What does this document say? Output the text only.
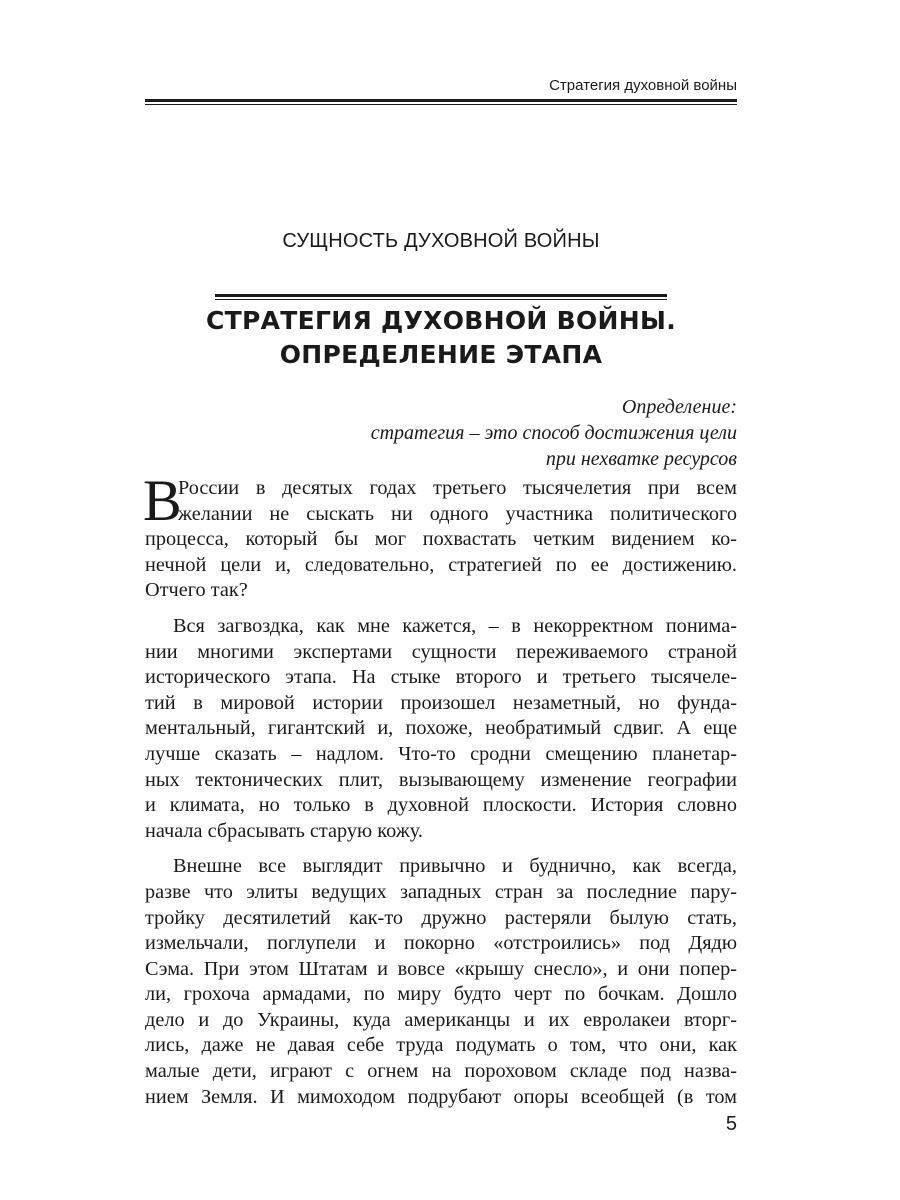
Стратегия духовной войны
СУЩНОСТЬ ДУХОВНОЙ ВОЙНЫ
СТРАТЕГИЯ ДУХОВНОЙ ВОЙНЫ.
ОПРЕДЕЛЕНИЕ ЭТАПА
Определение:
стратегия – это способ достижения цели
при нехватке ресурсов
В
России в десятых годах третьего тысячелетия при всем
желании не сыскать ни одного участника политического
процесса, который бы мог похвастать четким видением ко-
нечной цели и, следовательно, стратегией по ее достижению.
Отчего так?
Вся загвоздка, как мне кажется, – в некорректном понима-
нии многими экспертами сущности переживаемого страной
исторического этапа. На стыке второго и третьего тысячеле-
тий в мировой истории произошел незаметный, но фунда-
ментальный, гигантский и, похоже, необратимый сдвиг. А еще
лучше сказать – надлом. Что-то сродни смещению планетар-
ных тектонических плит, вызывающему изменение географии
и климата, но только в духовной плоскости. История словно
начала сбрасывать старую кожу.
Внешне все выглядит привычно и буднично, как всегда,
разве что элиты ведущих западных стран за последние пару-
тройку десятилетий как-то дружно растеряли былую стать,
измельчали, поглупели и покорно «отстроились» под Дядю
Сэма. При этом Штатам и вовсе «крышу снесло», и они попер-
ли, грохоча армадами, по миру будто черт по бочкам. Дошло
дело и до Украины, куда американцы и их евролакеи вторг-
лись, даже не давая себе труда подумать о том, что они, как
малые дети, играют с огнем на пороховом складе под назва-
нием Земля. И мимоходом подрубают опоры всеобщей (в том
5
